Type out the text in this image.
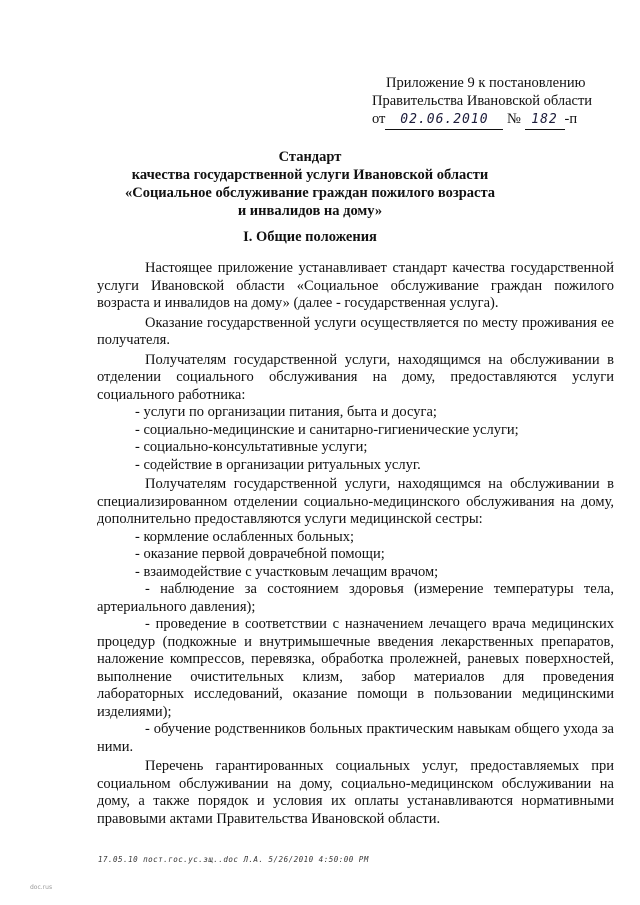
Приложение 9 к постановлению
Правительства Ивановской области
от 02.06.2010 № 182 -п
Стандарт
качества государственной услуги Ивановской области
«Социальное обслуживание граждан пожилого возраста
и инвалидов на дому»
I. Общие положения

Настоящее приложение устанавливает стандарт качества государственной услуги Ивановской области «Социальное обслуживание граждан пожилого возраста и инвалидов на дому» (далее - государственная услуга).

Оказание государственной услуги осуществляется по месту проживания ее получателя.

Получателям государственной услуги, находящимся на обслуживании в отделении социального обслуживания на дому, предоставляются услуги социального работника:

- услуги по организации питания, быта и досуга;

- социально-медицинские и санитарно-гигиенические услуги;

- социально-консультативные услуги;

- содействие в организации ритуальных услуг.

Получателям государственной услуги, находящимся на обслуживании в специализированном отделении социально-медицинского обслуживания на дому, дополнительно предоставляются услуги медицинской сестры:

- кормление ослабленных больных;

- оказание первой доврачебной помощи;

- взаимодействие с участковым лечащим врачом;

- наблюдение за состоянием здоровья (измерение температуры тела, артериального давления);

- проведение в соответствии с назначением лечащего врача медицинских процедур (подкожные и внутримышечные введения лекарственных препаратов, наложение компрессов, перевязка, обработка пролежней, раневых поверхностей, выполнение очистительных клизм, забор материалов для проведения лабораторных исследований, оказание помощи в пользовании медицинскими изделиями);

- обучение родственников больных практическим навыкам общего ухода за ними.

Перечень гарантированных социальных услуг, предоставляемых при социальном обслуживании на дому, социально-медицинском обслуживании на дому, а также порядок и условия их оплаты устанавливаются нормативными правовыми актами Правительства Ивановской области.

17.05.10 пост.гос.ус.зщ..doc Л.А. 5/26/2010 4:50:00 PM
doc.rus
